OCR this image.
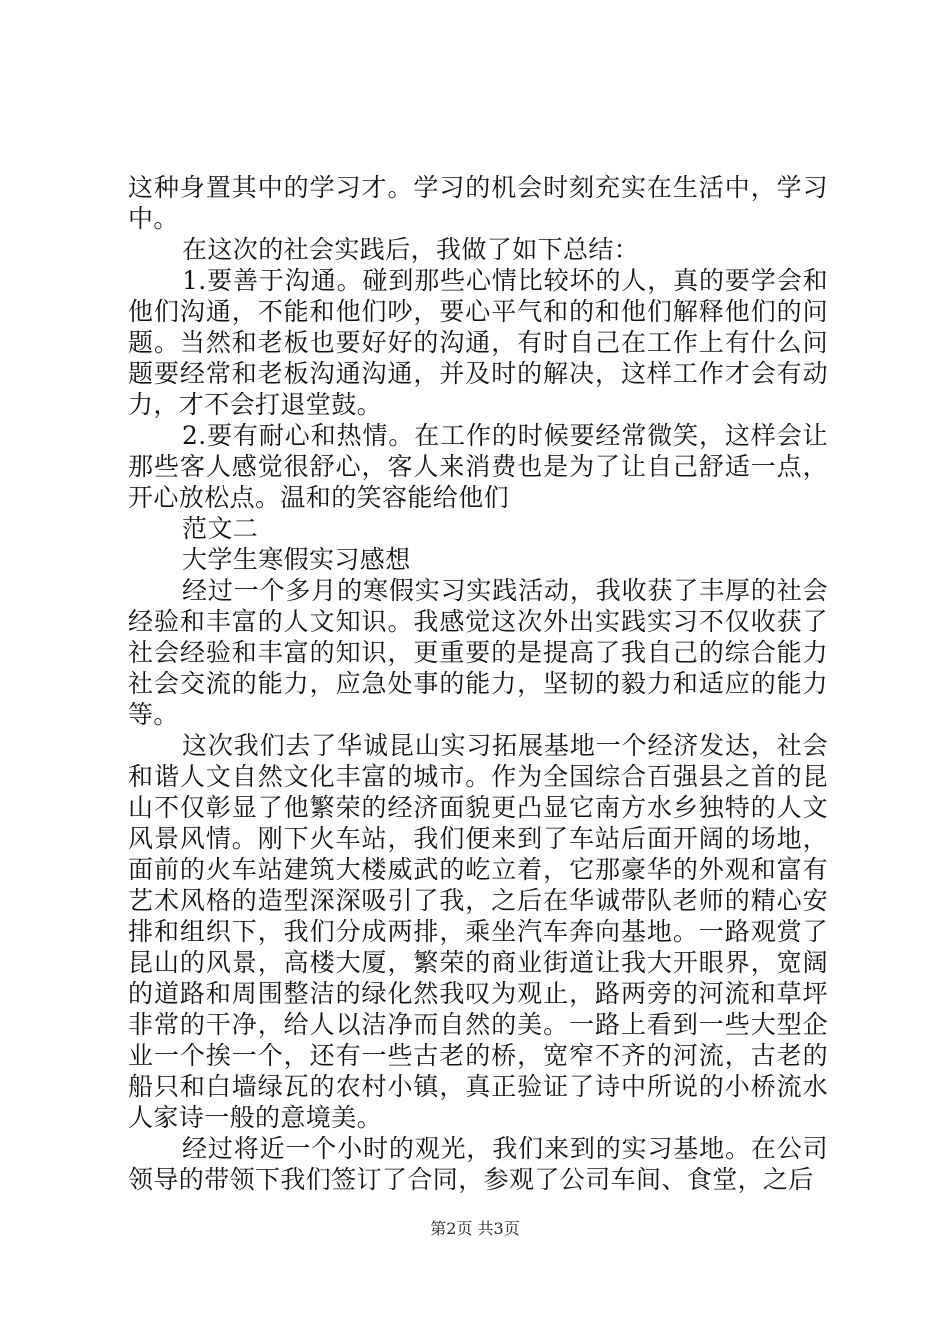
这种身置其中的学习才。学习的机会时刻充实在生活中，学习中。

在这次的社会实践后，我做了如下总结：

1.要善于沟通。碰到那些心情比较坏的人，真的要学会和他们沟通，不能和他们吵，要心平气和的和他们解释他们的问题。当然和老板也要好好的沟通，有时自己在工作上有什么问题要经常和老板沟通沟通，并及时的解决，这样工作才会有动力，才不会打退堂鼓。

2.要有耐心和热情。在工作的时候要经常微笑，这样会让那些客人感觉很舒心，客人来消费也是为了让自己舒适一点，开心放松点。温和的笑容能给他们

范文二

大学生寒假实习感想

经过一个多月的寒假实习实践活动，我收获了丰厚的社会经验和丰富的人文知识。我感觉这次外出实践实习不仅收获了社会经验和丰富的知识，更重要的是提高了我自己的综合能力社会交流的能力，应急处事的能力，坚韧的毅力和适应的能力等。

这次我们去了华诚昆山实习拓展基地一个经济发达，社会和谐人文自然文化丰富的城市。作为全国综合百强县之首的昆山不仅彰显了他繁荣的经济面貌更凸显它南方水乡独特的人文风景风情。刚下火车站，我们便来到了车站后面开阔的场地，面前的火车站建筑大楼威武的屹立着，它那豪华的外观和富有艺术风格的造型深深吸引了我，之后在华诚带队老师的精心安排和组织下，我们分成两排，乘坐汽车奔向基地。一路观赏了昆山的风景，高楼大厦，繁荣的商业街道让我大开眼界，宽阔的道路和周围整洁的绿化然我叹为观止，路两旁的河流和草坪非常的干净，给人以洁净而自然的美。一路上看到一些大型企业一个挨一个，还有一些古老的桥，宽窄不齐的河流，古老的船只和白墙绿瓦的农村小镇，真正验证了诗中所说的小桥流水人家诗一般的意境美。

经过将近一个小时的观光，我们来到的实习基地。在公司领导的带领下我们签订了合同，参观了公司车间、食堂，之后

第2页 共3页
